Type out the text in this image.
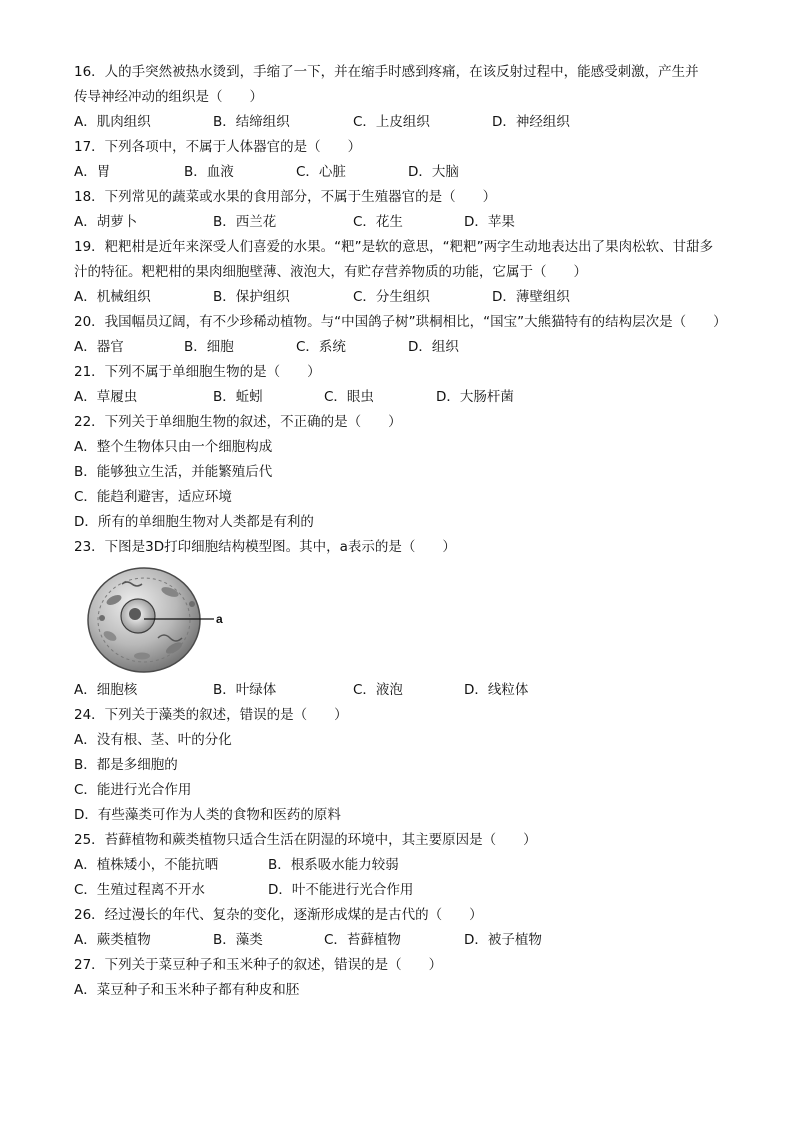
16．人的手突然被热水烫到，手缩了一下，并在缩手时感到疼痛，在该反射过程中，能感受刺激，产生并
传导神经冲动的组织是（　　）
A．肌肉组织	B．结缔组织	C．上皮组织	D．神经组织
17．下列各项中，不属于人体器官的是（　　）
A．胃	B．血液	C．心脏	D．大脑
18．下列常见的蔬菜或水果的食用部分，不属于生殖器官的是（　　）
A．胡萝卜	B．西兰花	C．花生	D．苹果
19．粑粑柑是近年来深受人们喜爱的水果。“粑”是软的意思，“粑粑”两字生动地表达出了果肉松软、甘甜多
汁的特征。粑粑柑的果肉细胞壁薄、液泡大，有贮存营养物质的功能，它属于（　　）
A．机械组织	B．保护组织	C．分生组织	D．薄壁组织
20．我国幅员辽阔，有不少珍稀动植物。与“中国鸽子树”珙桐相比，“国宝”大熊猫特有的结构层次是（　　）
A．器官	B．细胞	C．系统	D．组织
21．下列不属于单细胞生物的是（　　）
A．草履虫	B．蚯蚓	C．眼虫	D．大肠杆菌
22．下列关于单细胞生物的叙述，不正确的是（　　）
A．整个生物体只由一个细胞构成
B．能够独立生活，并能繁殖后代
C．能趋利避害，适应环境
D．所有的单细胞生物对人类都是有利的
23．下图是3D打印细胞结构模型图。其中，a表示的是（　　）
a
A．细胞核	B．叶绿体	C．液泡	D．线粒体
24．下列关于藻类的叙述，错误的是（　　）
A．没有根、茎、叶的分化
B．都是多细胞的
C．能进行光合作用
D．有些藻类可作为人类的食物和医药的原料
25．苔藓植物和蕨类植物只适合生活在阴湿的环境中，其主要原因是（　　）
A．植株矮小，不能抗晒	B．根系吸水能力较弱
C．生殖过程离不开水	D．叶不能进行光合作用
26．经过漫长的年代、复杂的变化，逐渐形成煤的是古代的（　　）
A．蕨类植物	B．藻类	C．苔藓植物	D．被子植物
27．下列关于菜豆种子和玉米种子的叙述，错误的是（　　）
A．菜豆种子和玉米种子都有种皮和胚
